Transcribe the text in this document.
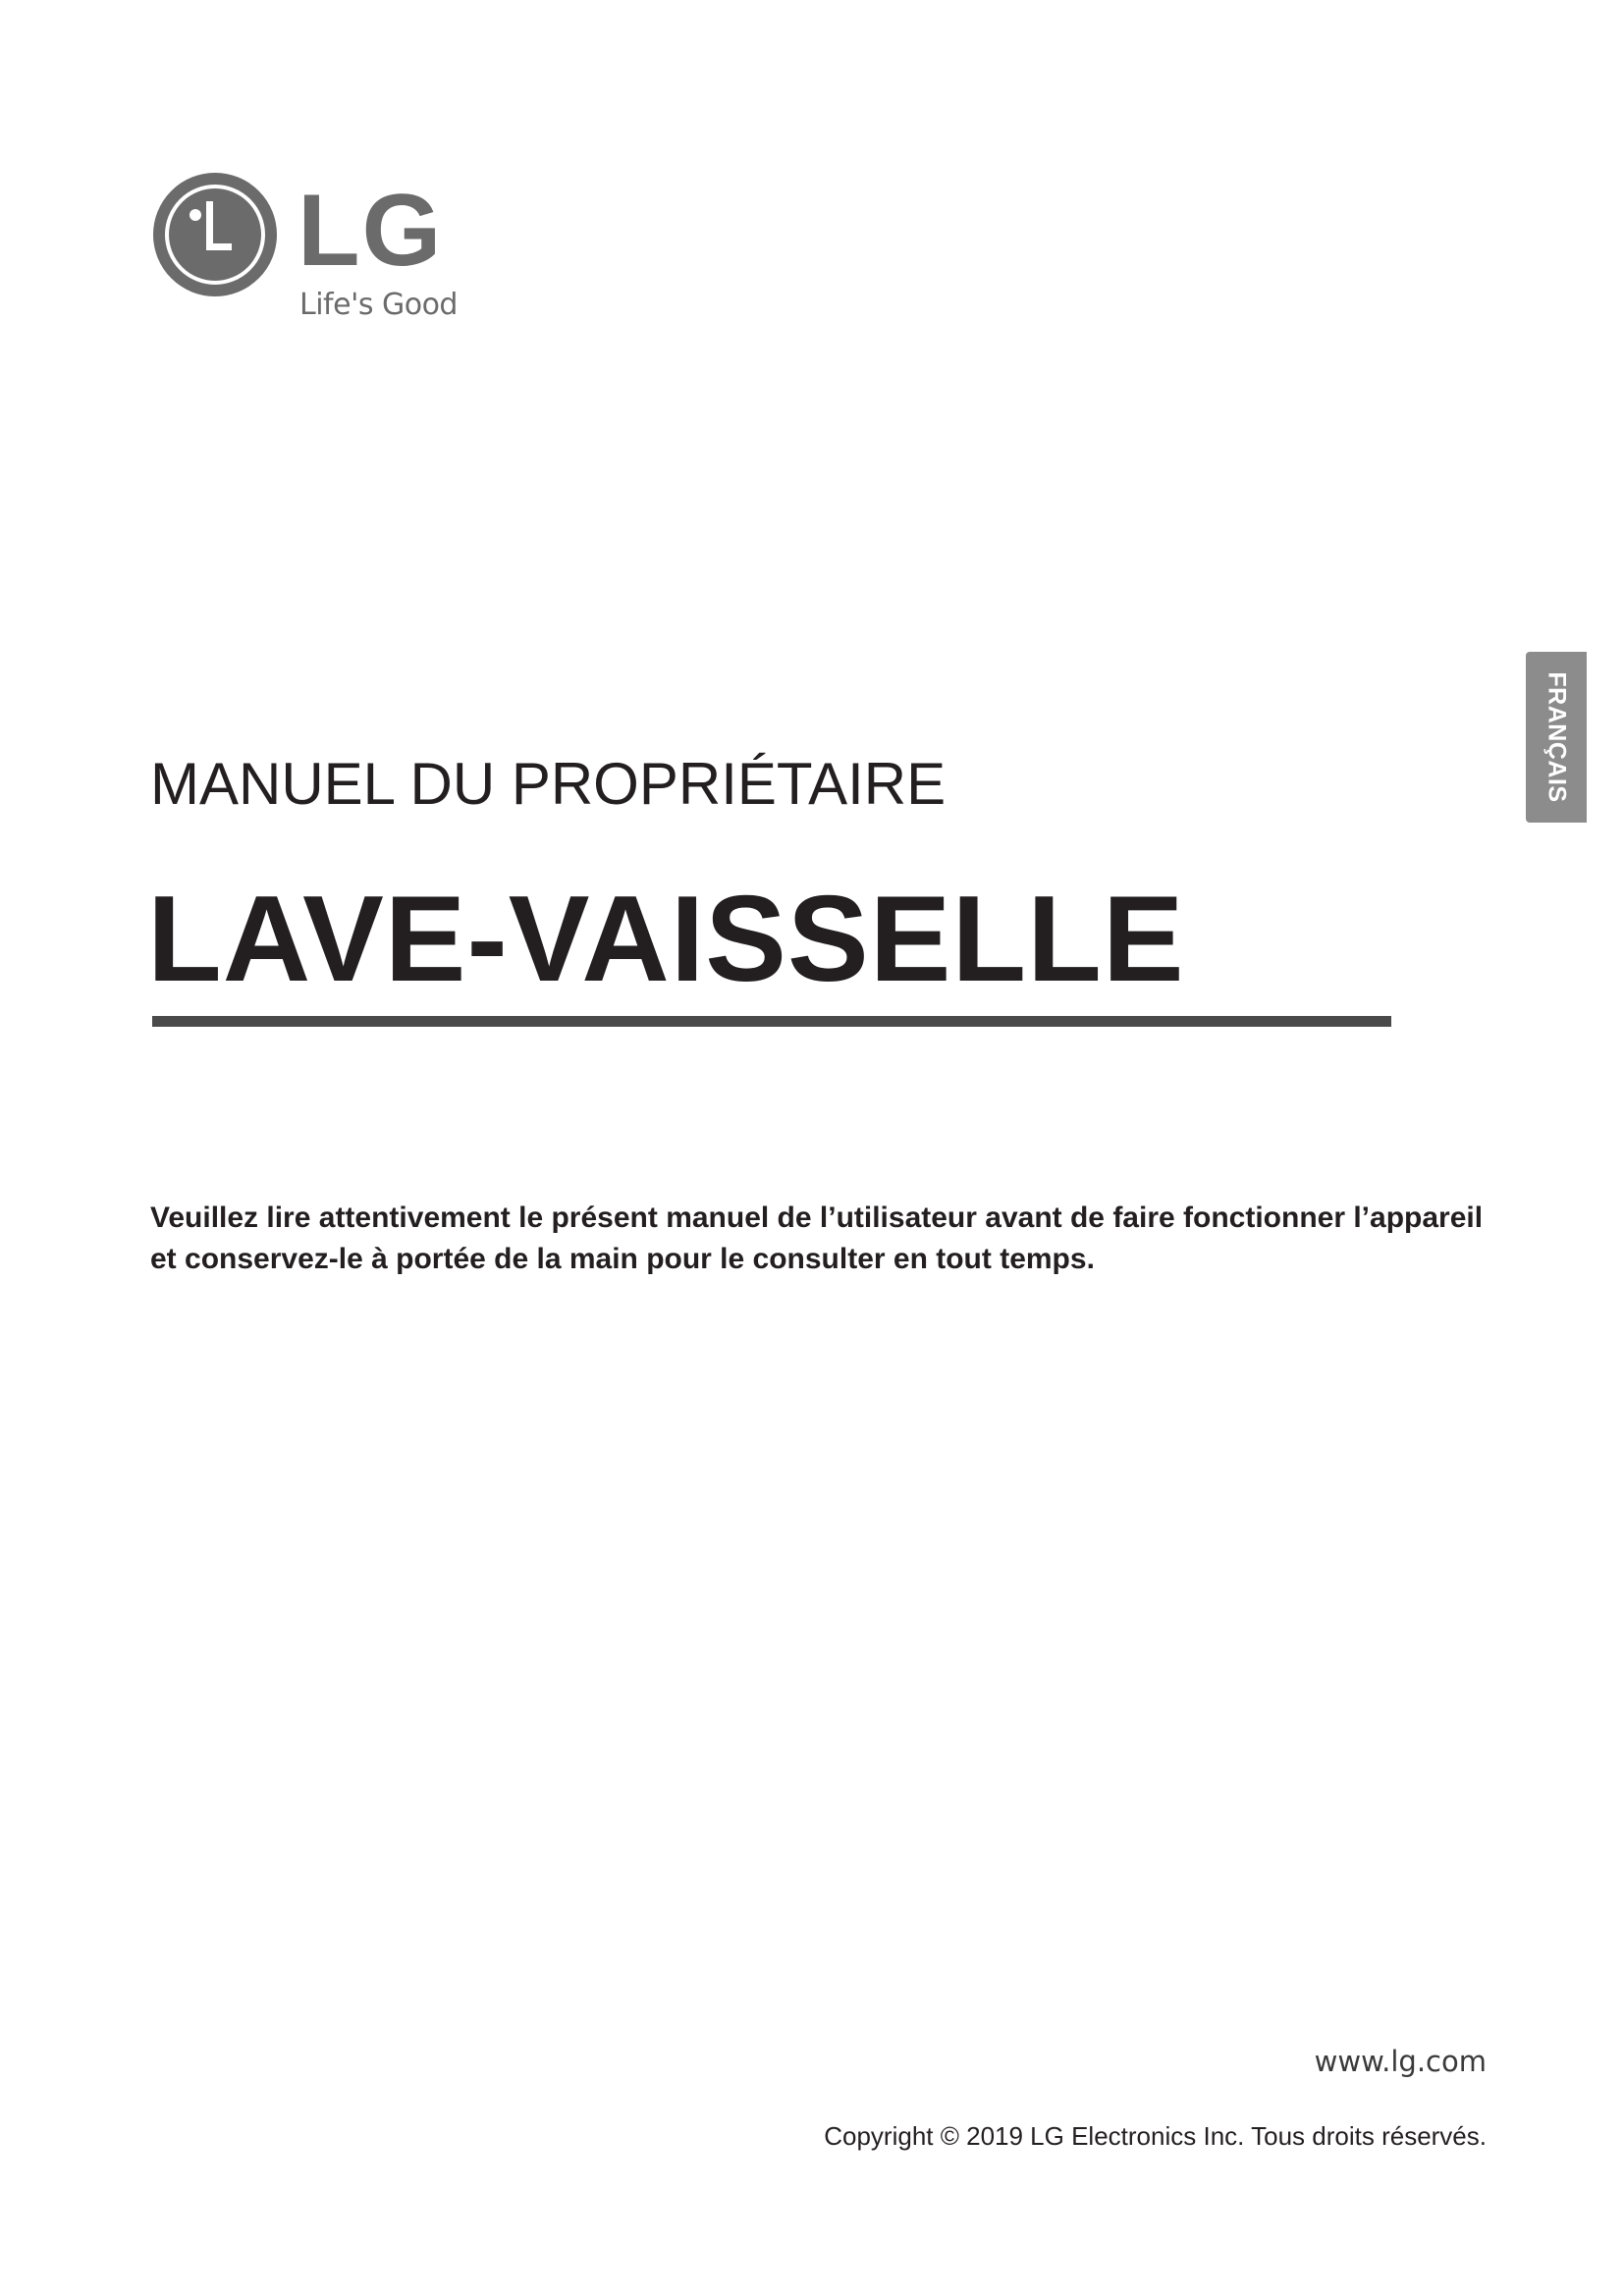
LG
Life's Good
FRANÇAIS
MANUEL DU PROPRIÉTAIRE
LAVE-VAISSELLE

Veuillez lire attentivement le présent manuel de l’utilisateur avant de faire fonctionner l’appareil et conservez-le à portée de la main pour le consulter en tout temps.

www.lg.com
Copyright © 2019 LG Electronics Inc. Tous droits réservés.
